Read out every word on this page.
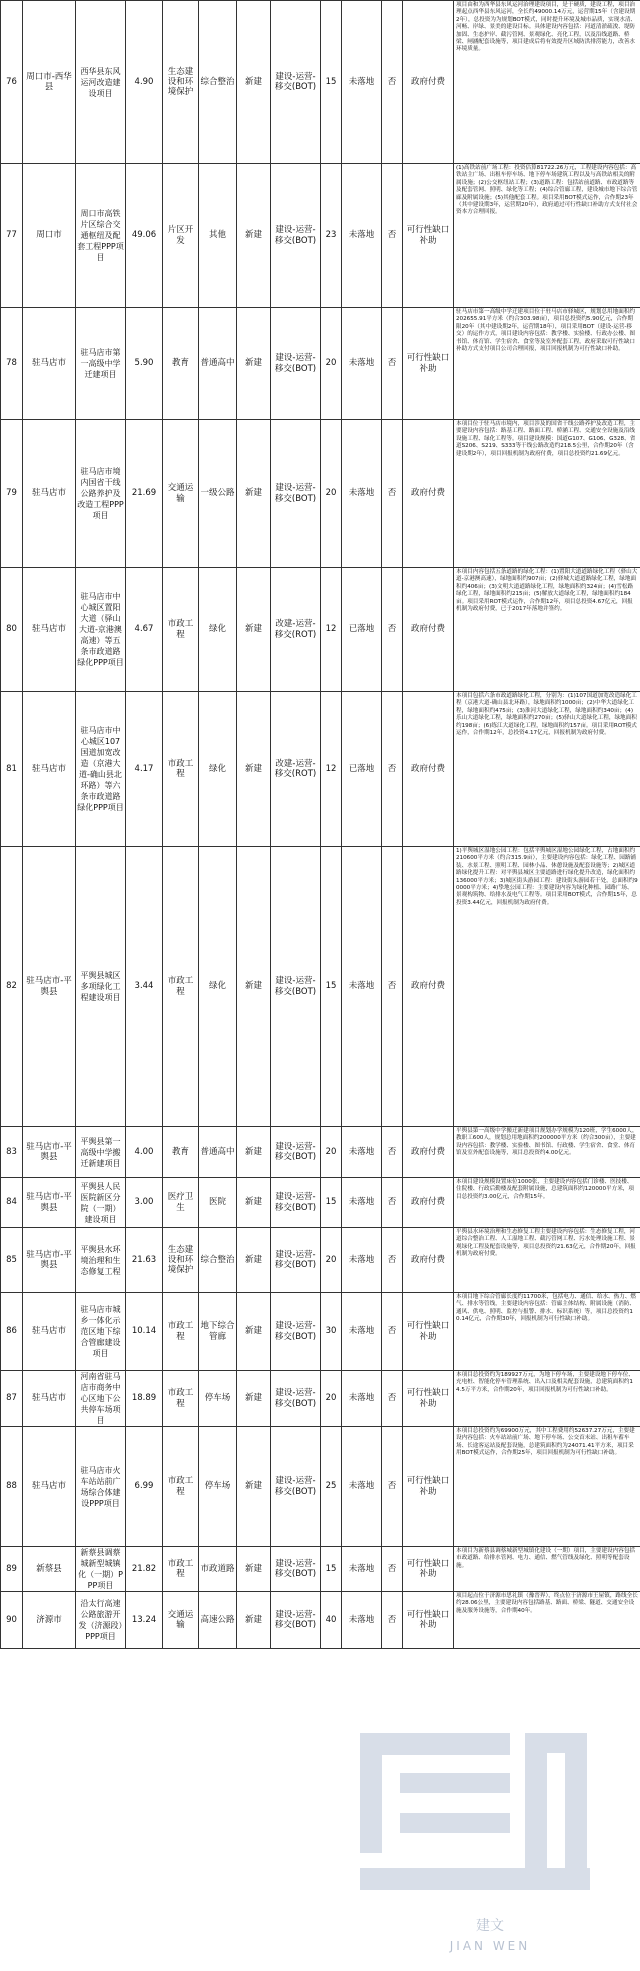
76	周口市-西华县	西华县东风运河改造建设项目	4.90	生态建设和环境保护	综合整治	新建	建设-运营-移交(BOT)	15	未落地	否	政府付费	项目由和为西华县东风运河治理建设项目，是于硬质，建设工程，项目治理起点西华县东风运河，全长约49000.14万元，运营期15年（含建设期2年），总投资为为规划BOT模式，同时提升环境及城市品质，实现水清、河畅、岸绿、景美的建设目标。具体建设内容包括：河道清淤疏浚、堤防加固、生态护岸、截污管网、景观绿化、亮化工程，以及沿线道路、桥梁、闸涵配套设施等，项目建成后将有效提升区域防洪排涝能力，改善水环境质量。
77	周口市	周口市高铁片区综合交通枢纽及配套工程PPP项目	49.06	片区开发	其他	新建	建设-运营-移交(BOT)	23	未落地	否	可行性缺口补助	(1)高铁站前广场工程：投资估算81722.26万元，工程建设内容包括：高铁站主广场、出租车停车场、地下停车场建筑工程以及与高铁站相关的附属设施；(2)公交枢纽站工程；(3)道路工程：包括站前道路、市政道路等及配套管网、照明、绿化等工程；(4)综合管廊工程，建设城市地下综合管廊及附属设施；(5)其他配套工程。项目采用BOT模式运作，合作期23年（其中建设期3年，运营期20年），政府通过可行性缺口补助方式支付社会资本方合理回报。
78	驻马店市	驻马店市第一高级中学迁建项目	5.90	教育	普通高中	新建	建设-运营-移交(BOT)	20	未落地	否	可行性缺口补助	驻马店市第一高级中学迁建项目位于驻马店市驿城区，规划总用地面积约202655.91平方米（约合303.98亩），项目总投资约5.90亿元，合作期限20年（其中建设期2年，运营期18年），项目采用BOT（建设-运营-移交）的运作方式，项目建设内容包括：教学楼、实验楼、行政办公楼、图书馆、体育馆、学生宿舍、食堂等及室外配套工程，政府采取可行性缺口补助方式支付项目公司合理回报，项目回报机制为可行性缺口补助。
79	驻马店市	驻马店市境内国省干线公路养护及改造工程PPP项目	21.69	交通运输	一级公路	新建	建设-运营-移交(BOT)	20	未落地	否	政府付费	本项目位于驻马店市境内，项目涉及的国省干线公路养护及改造工程，主要建设内容包括：路基工程、路面工程、桥涵工程、交通安全设施及沿线设施工程、绿化工程等。项目建设规模：国道G107、G106、G328、省道S206、S219、S333等干线公路改造约218.5公里，合作期20年（含建设期2年），项目回报机制为政府付费，项目总投资约21.69亿元。
80	驻马店市	驻马店市中心城区置阳大道（驿山大道-京港澳高速）等五条市政道路绿化PPP项目	4.67	市政工程	绿化	新建	改建-运营-移交(ROT)	12	已落地	否	政府付费	本项目内容包括五条道路的绿化工程：(1)置阳大道道路绿化工程（驿山大道-京港澳高速），绿地面积约907亩；(2)驿城大道道路绿化工程，绿地面积约406亩；(3)文明大道道路绿化工程，绿地面积约324亩；(4)雪松路绿化工程，绿地面积约215亩；(5)解放大道绿化工程，绿地面积约184亩。项目采用ROT模式运作，合作期12年，项目总投资4.67亿元，回报机制为政府付费，已于2017年落地并签约。
81	驻马店市	驻马店市中心城区107国道加宽改造（京港大道-确山县北环路）等六条市政道路绿化PPP项目	4.17	市政工程	绿化	新建	改建-运营-移交(ROT)	12	已落地	否	政府付费	本项目包括六条市政道路绿化工程，分别为：(1)107国道加宽改造绿化工程（京港大道-确山县北环路），绿地面积约1000亩；(2)中华大道绿化工程，绿地面积约475亩；(3)淮河大道绿化工程，绿地面积约340亩；(4)乐山大道绿化工程，绿地面积约270亩；(5)驿山大道绿化工程，绿地面积约198亩；(6)练江大道绿化工程，绿地面积约157亩。项目采用ROT模式运作，合作期12年，总投资4.17亿元，回报机制为政府付费。
82	驻马店市-平舆县	平舆县城区多项绿化工程建设项目	3.44	市政工程	绿化	新建	建设-运营-移交(BOT)	15	未落地	否	政府付费	1)平舆城区湿地公园工程：包括平舆城区湿地公园绿化工程，占地面积约210600平方米（约合315.9亩），主要建设内容包括：绿化工程、园路铺装、水景工程、照明工程、园林小品、休憩设施及配套设施等；2)城区道路绿化提升工程：对平舆县城区主要道路进行绿化提升改造，绿化面积约136000平方米；3)城区街头游园工程：建设街头游园若干处，总面积约90000平方米；4)挚地公园工程：主要建设内容为绿化种植、园路广场、景观构筑物、给排水及电气工程等。项目采用BOT模式，合作期15年，总投资3.44亿元，回报机制为政府付费。
83	驻马店市-平舆县	平舆县第一高级中学搬迁新建项目	4.00	教育	普通高中	新建	建设-运营-移交(BOT)	20	未落地	否	政府付费	平舆县第一高级中学搬迁新建项目规划办学规模为120班，学生6000人，教职工600人，规划总用地面积约200000平方米（约合300亩），主要建设内容包括：教学楼、实验楼、图书馆、行政楼、学生宿舍、食堂、体育馆及室外配套设施等，项目总投资约4.00亿元。
84	驻马店市-平舆县	平舆县人民医院新区分院（一期）建设项目	3.00	医疗卫生	医院	新建	建设-运营-移交(BOT)	15	未落地	否	政府付费	本项目建设规模设置床位1000张，主要建设内容包括门诊楼、医技楼、住院楼、行政后勤楼及配套附属设施，总建筑面积约120000平方米，项目总投资约3.00亿元，合作期15年。
85	驻马店市-平舆县	平舆县水环境治理和生态修复工程	21.63	生态建设和环境保护	综合整治	新建	建设-运营-移交(BOT)	20	未落地	否	政府付费	平舆县水环境治理和生态修复工程主要建设内容包括：生态修复工程，河道综合整治工程、人工湿地工程、截污管网工程、污水处理设施工程、景观绿化工程及配套设施等，项目总投资约21.63亿元，合作期20年，回报机制为政府付费。
86	驻马店市	驻马店市城乡一体化示范区地下综合管廊建设项目	10.14	市政工程	地下综合管廊	新建	建设-运营-移交(BOT)	30	未落地	否	可行性缺口补助	本项目地下综合管廊长度约11700米，包括电力、通信、给水、热力、燃气、排水等管线，主要建设内容包括：管廊主体结构、附属设施（消防、通风、供电、照明、监控与报警、排水、标识系统）等，项目总投资约10.14亿元，合作期30年，回报机制为可行性缺口补助。
87	驻马店市	河南省驻马店市商务中心区地下公共停车场项目	18.89	市政工程	停车场	新建	建设-运营-移交(BOT)	20	未落地	否	可行性缺口补助	本项目总投资约为189927万元，为地下停车场，主要建设地下停车位、充电桩、智能化停车管理系统、出入口及相关配套设施，总建筑面积约14.5万平方米，合作期20年，项目回报机制为可行性缺口补助。
88	驻马店市	驻马店市火车站站前广场综合体建设PPP项目	6.99	市政工程	停车场	新建	建设-运营-移交(BOT)	25	未落地	否	可行性缺口补助	本项目总投资约为69900万元，其中工程费用约52637.27万元，主要建设内容包括：火车站站前广场、地下停车场、公交首末站、出租车蓄车场、长途客运站及配套设施，总建筑面积约为24071.41平方米，项目采用BOT模式运作，合作期25年，项目回报机制为可行性缺口补助。
89	新蔡县	新蔡县调蔡城新型城镇化（一期）PPP项目	21.82	市政工程	市政道路	新建	建设-运营-移交(BOT)	15	未落地	否	可行性缺口补助	本项目为新蔡县调蔡城新型城镇化建设（一期）项目，主要建设内容包括市政道路、给排水管网、电力、通信、燃气管线及绿化、照明等配套设施。
90	济源市	沿太行高速公路旅游开发（济源段）PPP项目	13.24	交通运输	高速公路	新建	建设-运营-移交(BOT)	40	未落地	否	可行性缺口补助	项目起点位于济源市思礼镇（豫晋界），终点位于济源市王屋镇，路线全长约28.06公里，主要建设内容包括路基、路面、桥梁、隧道、交通安全设施及服务设施等，合作期40年。
建文
JIAN WEN
